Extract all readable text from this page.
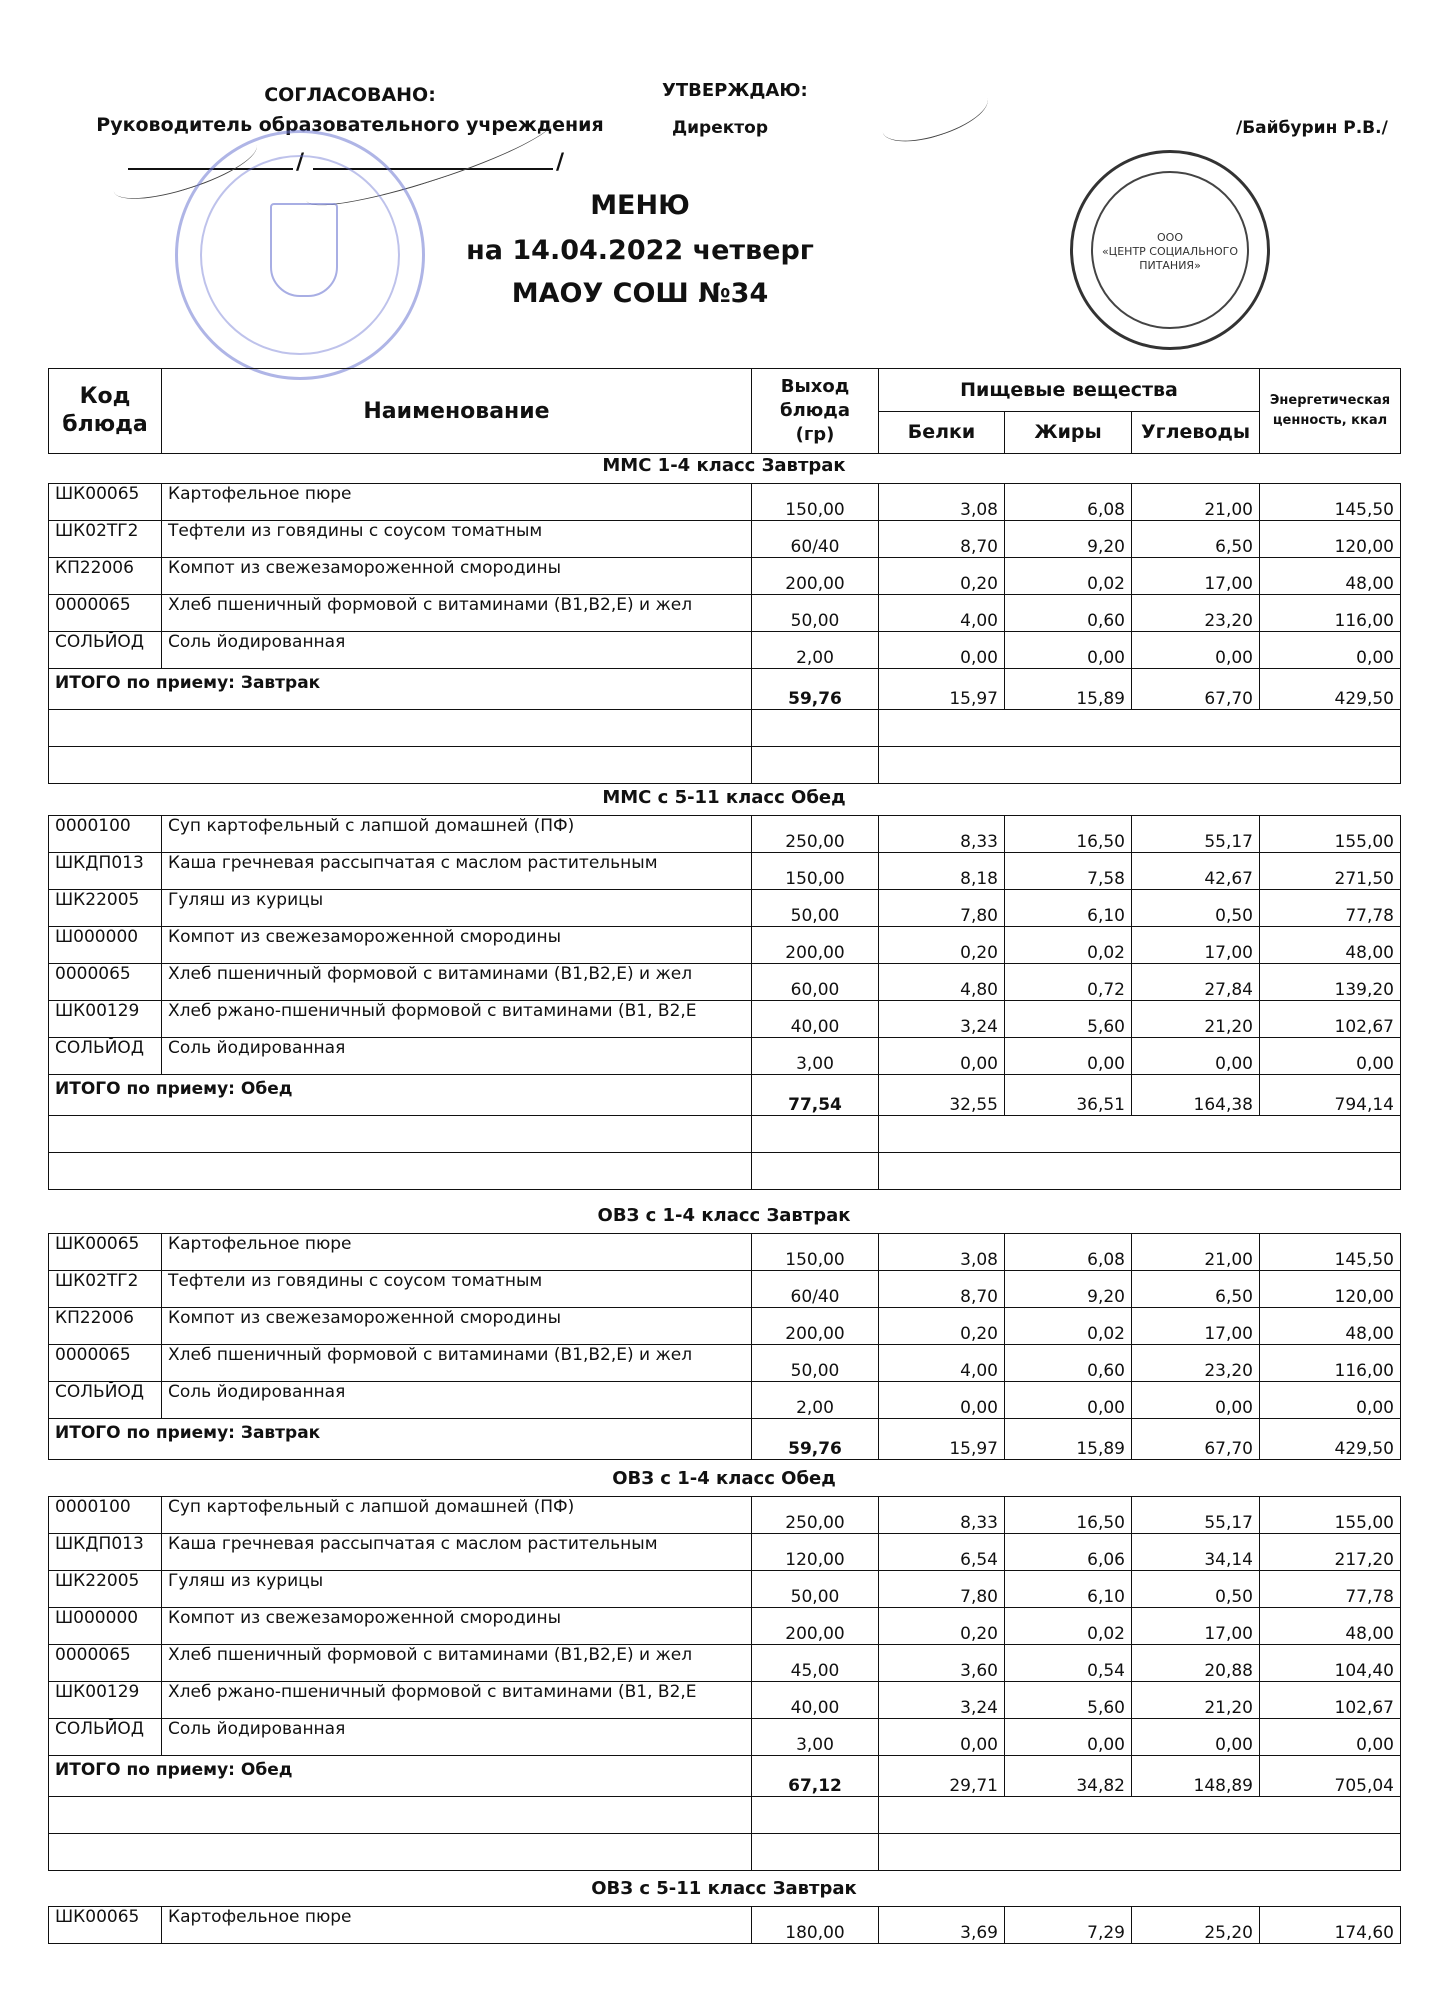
СОГЛАСОВАНО:
Руководитель образовательного учреждения
/	/
УТВЕРЖДАЮ:
Директор	/Байбурин Р.В./
ООО
«ЦЕНТР СОЦИАЛЬНОГО
ПИТАНИЯ»
МЕНЮ
на 14.04.2022 четверг
МАОУ СОШ №34
Код блюда	Наименование	Выход блюда (гр)	Пищевые вещества			Энергетическая ценность, ккал
			Белки	Жиры	Углеводы	
ММС 1-4 класс Завтрак
ШК00065	Картофельное пюре	150,00	3,08	6,08	21,00	145,50
ШК02ТГ2	Тефтели из говядины с соусом томатным	60/40	8,70	9,20	6,50	120,00
КП22006	Компот из свежезамороженной смородины	200,00	0,20	0,02	17,00	48,00
0000065	Хлеб пшеничный формовой с витаминами (В1,В2,Е) и жел	50,00	4,00	0,60	23,20	116,00
СОЛЬЙОД	Соль йодированная	2,00	0,00	0,00	0,00	0,00
ИТОГО по приему: Завтрак		59,76	15,97	15,89	67,70	429,50

ММС с 5-11 класс Обед
0000100	Суп картофельный с лапшой домашней (ПФ)	250,00	8,33	16,50	55,17	155,00
ШКДП013	Каша гречневая рассыпчатая с маслом растительным	150,00	8,18	7,58	42,67	271,50
ШК22005	Гуляш из курицы	50,00	7,80	6,10	0,50	77,78
Ш000000	Компот из свежезамороженной смородины	200,00	0,20	0,02	17,00	48,00
0000065	Хлеб пшеничный формовой с витаминами (В1,В2,Е) и жел	60,00	4,80	0,72	27,84	139,20
ШК00129	Хлеб ржано-пшеничный формовой с витаминами (В1, В2,Е	40,00	3,24	5,60	21,20	102,67
СОЛЬЙОД	Соль йодированная	3,00	0,00	0,00	0,00	0,00
ИТОГО по приему: Обед		77,54	32,55	36,51	164,38	794,14

ОВЗ с 1-4 класс Завтрак
ШК00065	Картофельное пюре	150,00	3,08	6,08	21,00	145,50
ШК02ТГ2	Тефтели из говядины с соусом томатным	60/40	8,70	9,20	6,50	120,00
КП22006	Компот из свежезамороженной смородины	200,00	0,20	0,02	17,00	48,00
0000065	Хлеб пшеничный формовой с витаминами (В1,В2,Е) и жел	50,00	4,00	0,60	23,20	116,00
СОЛЬЙОД	Соль йодированная	2,00	0,00	0,00	0,00	0,00
ИТОГО по приему: Завтрак		59,76	15,97	15,89	67,70	429,50
ОВЗ с 1-4 класс Обед
0000100	Суп картофельный с лапшой домашней (ПФ)	250,00	8,33	16,50	55,17	155,00
ШКДП013	Каша гречневая рассыпчатая с маслом растительным	120,00	6,54	6,06	34,14	217,20
ШК22005	Гуляш из курицы	50,00	7,80	6,10	0,50	77,78
Ш000000	Компот из свежезамороженной смородины	200,00	0,20	0,02	17,00	48,00
0000065	Хлеб пшеничный формовой с витаминами (В1,В2,Е) и жел	45,00	3,60	0,54	20,88	104,40
ШК00129	Хлеб ржано-пшеничный формовой с витаминами (В1, В2,Е	40,00	3,24	5,60	21,20	102,67
СОЛЬЙОД	Соль йодированная	3,00	0,00	0,00	0,00	0,00
ИТОГО по приему: Обед		67,12	29,71	34,82	148,89	705,04

ОВЗ с 5-11 класс Завтрак
ШК00065	Картофельное пюре	180,00	3,69	7,29	25,20	174,60
